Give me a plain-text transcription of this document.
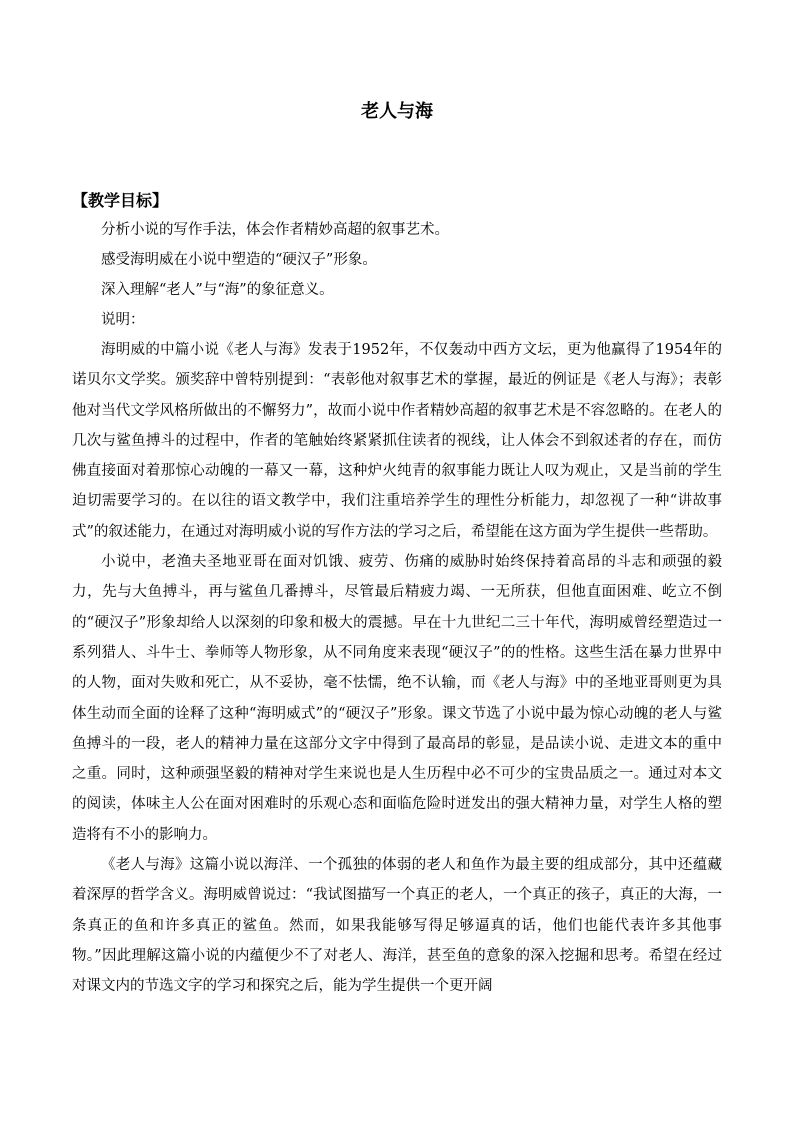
老人与海
【教学目标】
分析小说的写作手法，体会作者精妙高超的叙事艺术。
感受海明威在小说中塑造的“硬汉子”形象。
深入理解“老人”与“海”的象征意义。
说明：

海明威的中篇小说《老人与海》发表于1952年，不仅轰动中西方文坛，更为他赢得了1954年的诺贝尔文学奖。颁奖辞中曾特别提到：“表彰他对叙事艺术的掌握，最近的例证是《老人与海》；表彰他对当代文学风格所做出的不懈努力”，故而小说中作者精妙高超的叙事艺术是不容忽略的。在老人的几次与鲨鱼搏斗的过程中，作者的笔触始终紧紧抓住读者的视线，让人体会不到叙述者的存在，而仿佛直接面对着那惊心动魄的一幕又一幕，这种炉火纯青的叙事能力既让人叹为观止，又是当前的学生迫切需要学习的。在以往的语文教学中，我们注重培养学生的理性分析能力，却忽视了一种“讲故事式”的叙述能力，在通过对海明威小说的写作方法的学习之后，希望能在这方面为学生提供一些帮助。

小说中，老渔夫圣地亚哥在面对饥饿、疲劳、伤痛的威胁时始终保持着高昂的斗志和顽强的毅力，先与大鱼搏斗，再与鲨鱼几番搏斗，尽管最后精疲力竭、一无所获，但他直面困难、屹立不倒的“硬汉子”形象却给人以深刻的印象和极大的震撼。早在十九世纪二三十年代，海明威曾经塑造过一系列猎人、斗牛士、拳师等人物形象，从不同角度来表现“硬汉子”的的性格。这些生活在暴力世界中的人物，面对失败和死亡，从不妥协，毫不怯懦，绝不认输，而《老人与海》中的圣地亚哥则更为具体生动而全面的诠释了这种“海明威式”的“硬汉子”形象。课文节选了小说中最为惊心动魄的老人与鲨鱼搏斗的一段，老人的精神力量在这部分文字中得到了最高昂的彰显，是品读小说、走进文本的重中之重。同时，这种顽强坚毅的精神对学生来说也是人生历程中必不可少的宝贵品质之一。通过对本文的阅读，体味主人公在面对困难时的乐观心态和面临危险时迸发出的强大精神力量，对学生人格的塑造将有不小的影响力。

《老人与海》这篇小说以海洋、一个孤独的体弱的老人和鱼作为最主要的组成部分，其中还蕴藏着深厚的哲学含义。海明威曾说过：“我试图描写一个真正的老人，一个真正的孩子，真正的大海，一条真正的鱼和许多真正的鲨鱼。然而，如果我能够写得足够逼真的话，他们也能代表许多其他事物。”因此理解这篇小说的内蕴便少不了对老人、海洋，甚至鱼的意象的深入挖掘和思考。希望在经过对课文内的节选文字的学习和探究之后，能为学生提供一个更开阔
